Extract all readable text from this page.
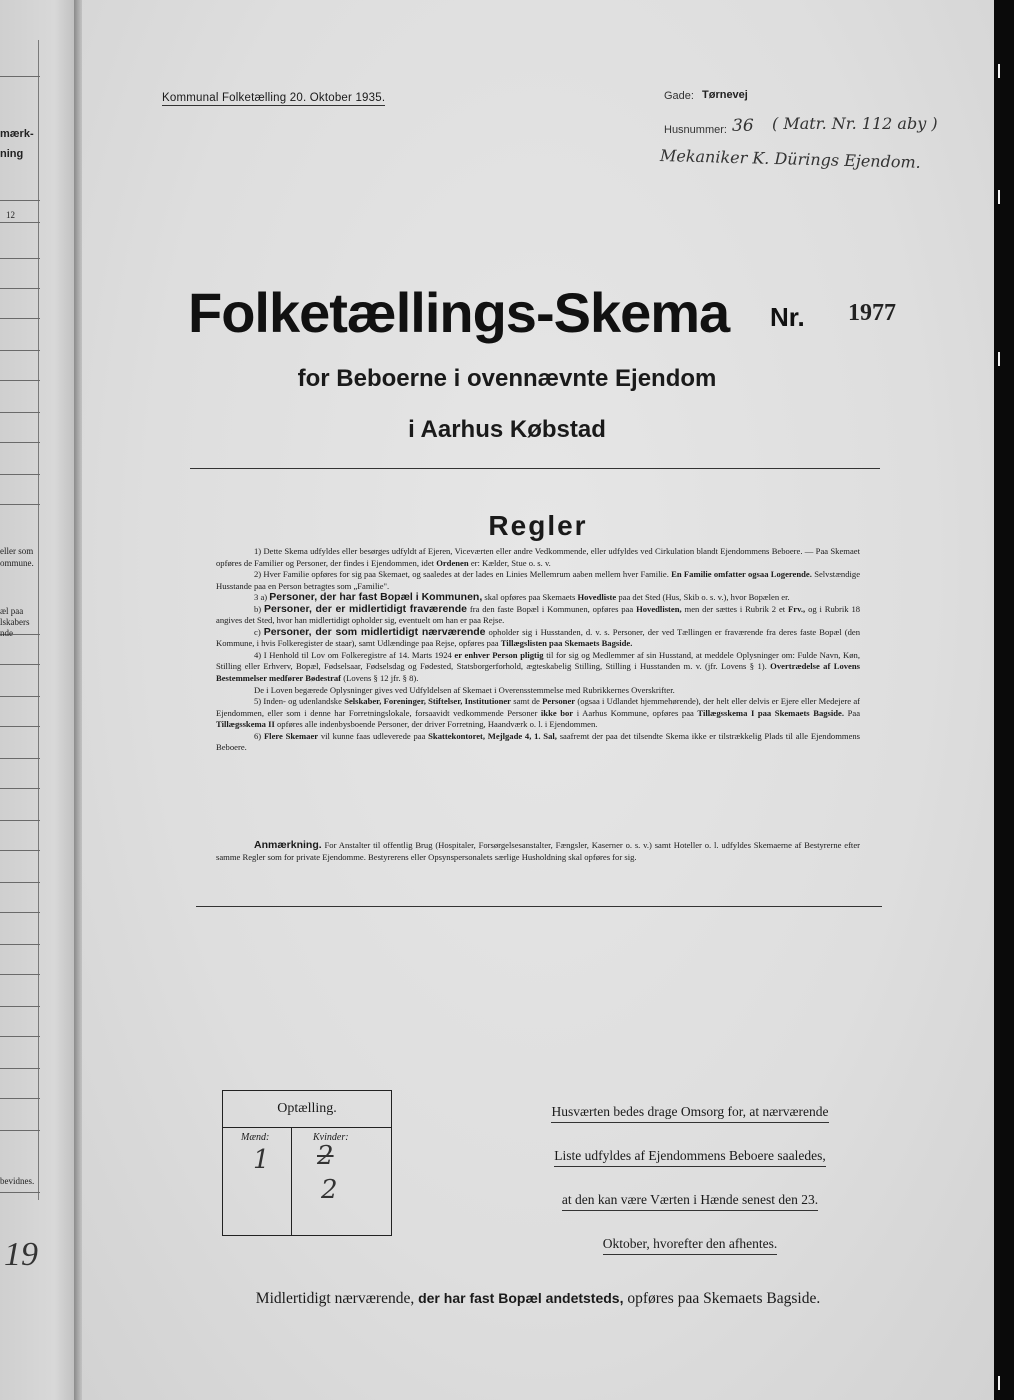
mærk-
ning
12
eller som
ommune.
æl paa
lskabers
nde
bevidnes.
19
Kommunal Folketælling 20. Oktober 1935.	Gade: Tørnevej
Husnummer: 36 ( Matr. Nr. 112 aby )
Mekaniker K. Dürings Ejendom.
Folketællings-Skema Nr. 1977
for Beboerne i ovennævnte Ejendom
i Aarhus Købstad
Regler

1) Dette Skema udfyldes eller besørges udfyldt af Ejeren, Viceværten eller andre Vedkommende, eller udfyldes ved Cirkulation blandt Ejendommens Beboere. — Paa Skemaet opføres de Familier og Personer, der findes i Ejendommen, idet Ordenen er: Kælder, Stue o. s. v.

2) Hver Familie opføres for sig paa Skemaet, og saaledes at der lades en Linies Mellemrum aaben mellem hver Familie. En Familie omfatter ogsaa Logerende. Selvstændige Husstande paa en Person betragtes som „Familie".

3 a) Personer, der har fast Bopæl i Kommunen, skal opføres paa Skemaets Hovedliste paa det Sted (Hus, Skib o. s. v.), hvor Bopælen er.

b) Personer, der er midlertidigt fraværende fra den faste Bopæl i Kommunen, opføres paa Hovedlisten, men der sættes i Rubrik 2 et Frv., og i Rubrik 18 angives det Sted, hvor han midlertidigt opholder sig, eventuelt om han er paa Rejse.

c) Personer, der som midlertidigt nærværende opholder sig i Husstanden, d. v. s. Personer, der ved Tællingen er fraværende fra deres faste Bopæl (den Kommune, i hvis Folkeregister de staar), samt Udlændinge paa Rejse, opføres paa Tillægslisten paa Skemaets Bagside.

4) I Henhold til Lov om Folkeregistre af 14. Marts 1924 er enhver Person pligtig til for sig og Medlemmer af sin Husstand, at meddele Oplysninger om: Fulde Navn, Køn, Stilling eller Erhverv, Bopæl, Fødselsaar, Fødselsdag og Fødested, Statsborgerforhold, ægteskabelig Stilling, Stilling i Husstanden m. v. (jfr. Lovens § 1). Overtrædelse af Lovens Bestemmelser medfører Bødestraf (Lovens § 12 jfr. § 8).

De i Loven begærede Oplysninger gives ved Udfyldelsen af Skemaet i Overensstemmelse med Rubrikkernes Overskrifter.

5) Inden- og udenlandske Selskaber, Foreninger, Stiftelser, Institutioner samt de Personer (ogsaa i Udlandet hjemmehørende), der helt eller delvis er Ejere eller Medejere af Ejendommen, eller som i denne har Forretningslokale, forsaavidt vedkommende Personer ikke bor i Aarhus Kommune, opføres paa Tillægsskema I paa Skemaets Bagside. Paa Tillægsskema II opføres alle indenbysboende Personer, der driver Forretning, Haandværk o. l. i Ejendommen.

6) Flere Skemaer vil kunne faas udleverede paa Skattekontoret, Mejlgade 4, 1. Sal, saafremt der paa det tilsendte Skema ikke er tilstrækkelig Plads til alle Ejendommens Beboere.

Anmærkning. For Anstalter til offentlig Brug (Hospitaler, Forsørgelsesanstalter, Fængsler, Kaserner o. s. v.) samt Hoteller o. l. udfyldes Skemaerne af Bestyrerne efter samme Regler som for private Ejendomme. Bestyrerens eller Opsynspersonalets særlige Husholdning skal opføres for sig.

Optælling.
Mænd:	Kvinder:
1 2
2
Husværten bedes drage Omsorg for, at nærværende
Liste udfyldes af Ejendommens Beboere saaledes,
at den kan være Værten i Hænde senest den 23.
Oktober, hvorefter den afhentes.
Midlertidigt nærværende, der har fast Bopæl andetsteds, opføres paa Skemaets Bagside.
